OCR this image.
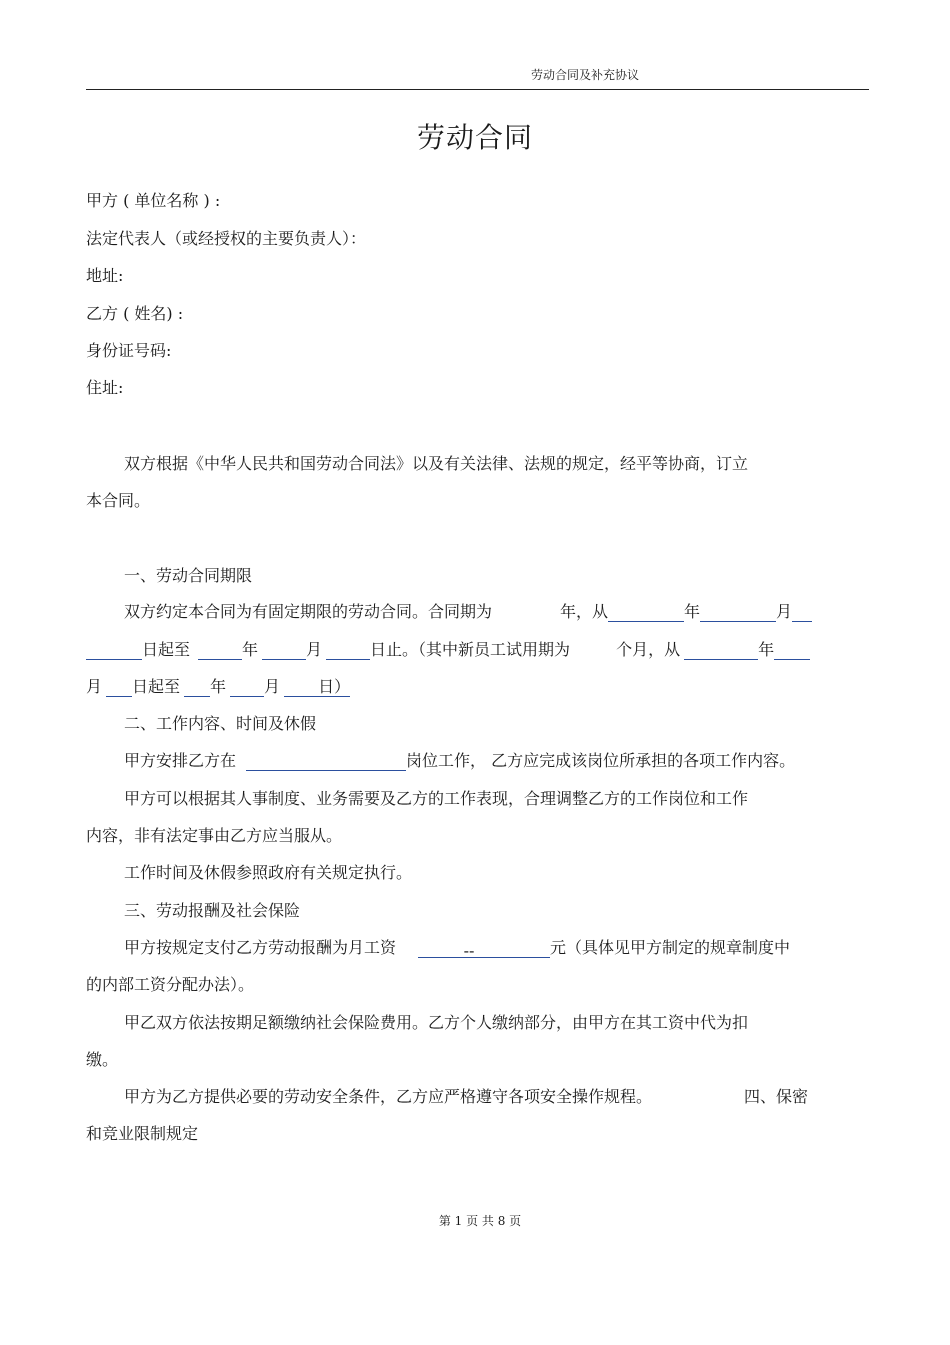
劳动合同及补充协议
劳动合同
甲方 ( 单位名称 ) :
法定代表人（或经授权的主要负责人）：
地址:
乙方 ( 姓名) :
身份证号码:
住址:
双方根据《中华人民共和国劳动合同法》以及有关法律、法规的规定，经平等协商，订立
本合同。
一、劳动合同期限
双方约定本合同为有固定期限的劳动合同。合同期为	年，从	年	月
日起至	年	月	日止。（其中新员工试用期为	个月，从	年
月 日起至 年 月 日）
二、工作内容、时间及休假
甲方安排乙方在	岗位工作， 乙方应完成该岗位所承担的各项工作内容。
甲方可以根据其人事制度、业务需要及乙方的工作表现，合理调整乙方的工作岗位和工作
内容，非有法定事由乙方应当服从。
工作时间及休假参照政府有关规定执行。
三、劳动报酬及社会保险
甲方按规定支付乙方劳动报酬为月工资	--	元（具体见甲方制定的规章制度中
的内部工资分配办法）。
甲乙双方依法按期足额缴纳社会保险费用。乙方个人缴纳部分，由甲方在其工资中代为扣
缴。
甲方为乙方提供必要的劳动安全条件，乙方应严格遵守各项安全操作规程。	四、保密
和竞业限制规定
第 1 页 共 8 页
